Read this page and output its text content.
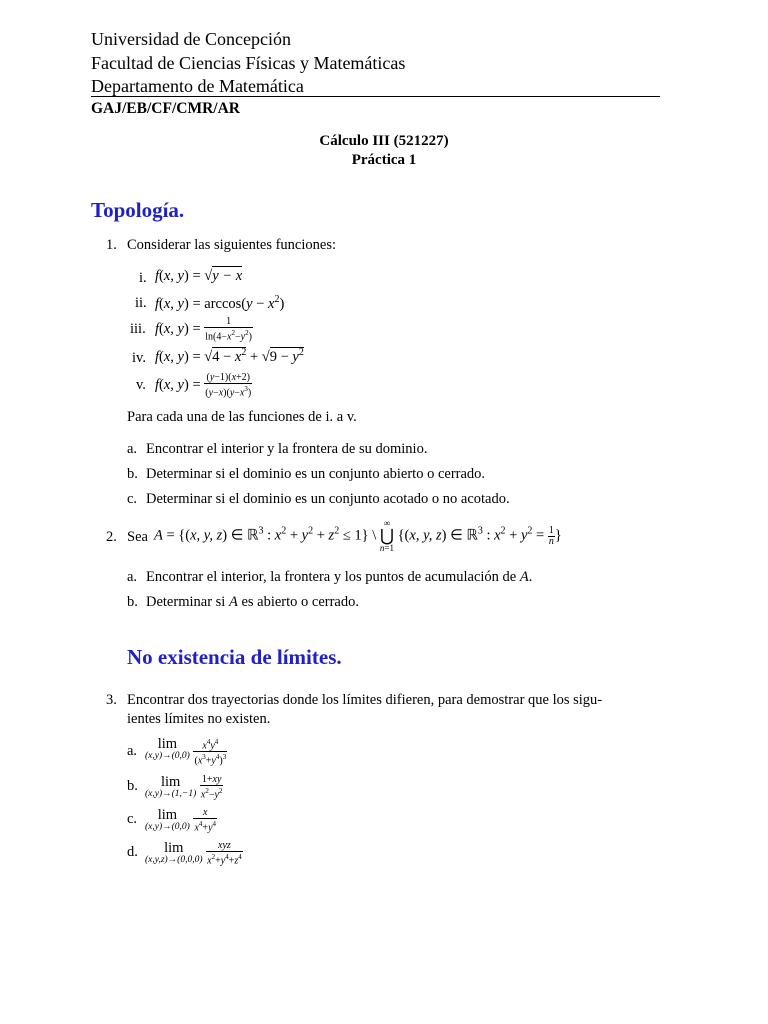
Universidad de Concepción
Facultad de Ciencias Físicas y Matemáticas
Departamento de Matemática
GAJ/EB/CF/CMR/AR
Cálculo III (521227)
Práctica 1
Topología.
1. Considerar las siguientes funciones:
i. f(x, y) = √y − x
ii. f(x, $y) = \arccos(y - x^2)$
iii. f(x, $y) = \frac{1}{\ln(4-x^2-y^2)}$
iv. f(x, $y) = √4 - x^2 + √9 - y^2$
v. f(x, $y) = \frac{(y-1)(x+2)}{(y-x)(y-x^3)}$
Para cada una de las funciones de i. a v.
a. Encontrar el interior y la frontera de su dominio.
b. Determinar si el dominio es un conjunto abierto o cerrado.
c. Determinar si el dominio es un conjunto acotado o no acotado.
2. Sea A = {(x, y, z) ∈ ℝ$^3$ : $x^2 + y^2 + z^2 \le 1$} \ ∞
⋃
n=1 {(x, y, z) ∈ ℝ$^3$ : $x^2 + y^2 = \frac{1}{n}$ }
a. Encontrar el interior, la frontera y los puntos de acumulación de A.
b. Determinar si A es abierto o cerrado.
No existencia de límites.
3. Encontrar dos trayectorias donde los límites difieren, para demostrar que los sigu-
ientes límites no existen.
a.	lim
(x,y)→(0,0)
$\frac{x^4y^4}{(x^3+y^4)^3}$
b.	lim
(x,y)→(1,−1)
$\frac{1+xy}{x^2-y^2}$
c.	lim
(x,y)→(0,0)
$\frac{x}{x^4+y^4}$
d.	lim
(x,y,z)→(0,0,0)
$\frac{\text{xyz}}{x^2+y^4+z^4}$
